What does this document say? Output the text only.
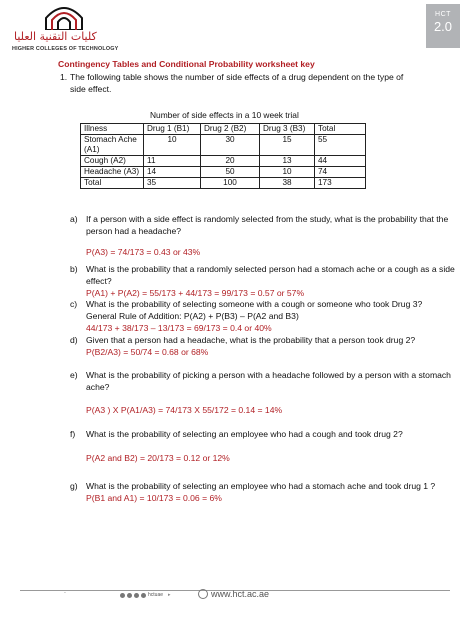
كليات التقنية العليا
HIGHER COLLEGES OF TECHNOLOGY
HCT
2.0
Contingency Tables and Conditional Probability worksheet key
1. The following table shows the number of side effects of a drug dependent on the type of side effect.
Number of side effects in a 10 week trial
Illness	Drug 1 (B1)	Drug 2 (B2)	Drug 3 (B3)	Total
Stomach Ache (A1)	10	30	15	55
Cough (A2)	11	20	13	44
Headache (A3)	14	50	10	74
Total	35	100	38	173
a) If a person with a side effect is randomly selected from the study, what is the probability that the person had a headache?
P(A3) = 74/173 = 0.43 or 43%
b) What is the probability that a randomly selected person had a stomach ache or a cough as a side effect?
P(A1) + P(A2) = 55/173 + 44/173 = 99/173 = 0.57 or 57%
c) What is the probability of selecting someone with a cough or someone who took Drug 3?
General Rule of Addition: P(A2) + P(B3) – P(A2 and B3)
44/173 + 38/173 – 13/173 = 69/173 = 0.4 or 40%
d) Given that a person had a headache, what is the probability that a person took drug 2?
P(B2/A3) = 50/74 = 0.68 or 68%
e) What is the probability of picking a person with a headache followed by a person with a stomach ache?
P(A3 ) X P(A1/A3) = 74/173 X 55/172 = 0.14 = 14%
f) What is the probability of selecting an employee who had a cough and took drug 2?
P(A2 and B2) = 20/173 = 0.12 or 12%
g) What is the probability of selecting an employee who had a stomach ache and took drug 1 ?
P(B1 and A1) = 10/173 = 0.06 = 6%
.	hctuae ▸	www.hct.ac.ae
